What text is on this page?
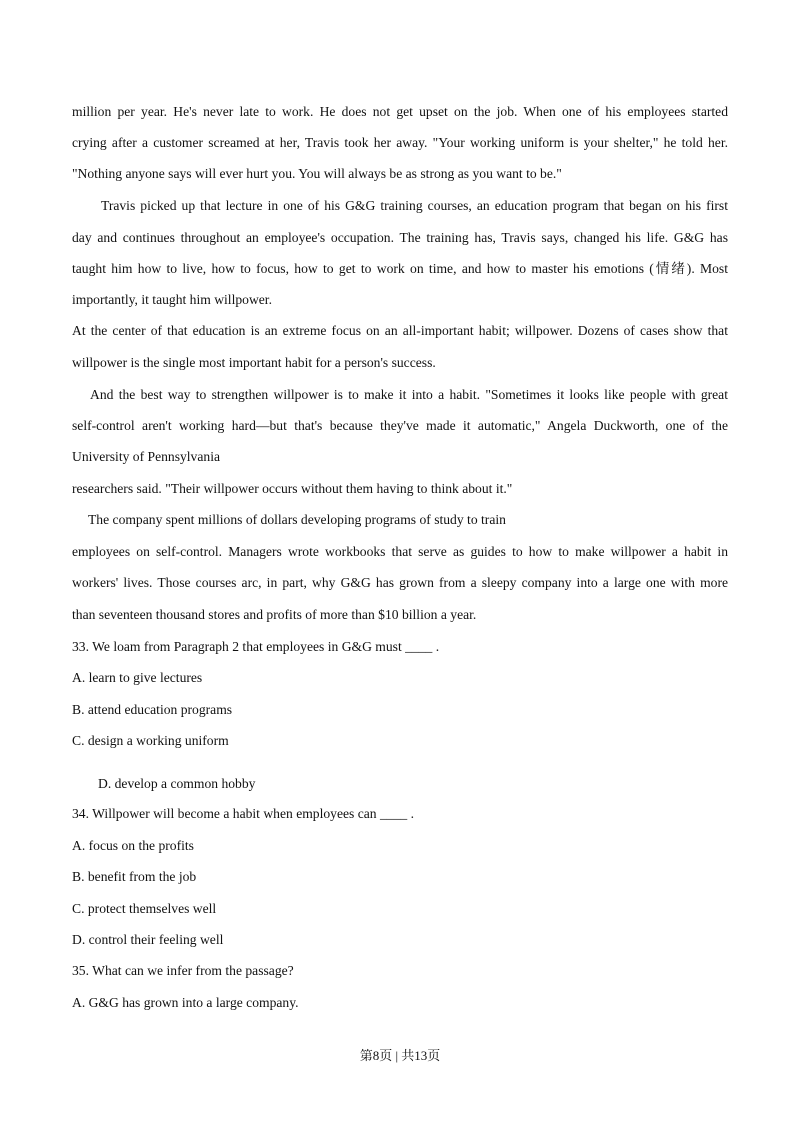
million per year. He's never late to work. He does not get upset on the job. When one of his employees started
crying after a customer screamed at her, Travis took her away. "Your working uniform is your shelter," he told her.
"Nothing anyone says will ever hurt you. You will always be as strong as you want to be."
Travis picked up that lecture in one of his G&G training courses, an education program that began on his first
day and continues throughout an employee's occupation. The training has, Travis says, changed his life. G&G has
taught him how to live, how to focus, how to get to work on time, and how to master his emotions (情绪). Most
importantly, it taught him willpower.
At the center of that education is an extreme focus on an all-important habit; willpower. Dozens of cases show that
willpower is the single most important habit for a person's success.
And the best way to strengthen willpower is to make it into a habit. "Sometimes it looks like people with great
self-control aren't working hard—but that's because they've made it automatic," Angela Duckworth, one of the
University of Pennsylvania
researchers said. "Their willpower occurs without them having to think about it."
The company spent millions of dollars developing programs of study to train
employees on self-control. Managers wrote workbooks that serve as guides to how to make willpower a habit in
workers' lives. Those courses arc, in part, why G&G has grown from a sleepy company into a large one with more
than seventeen thousand stores and profits of more than $10 billion a year.
33. We loam from Paragraph 2 that employees in G&G must ____ .
A. learn to give lectures
B. attend education programs
C. design a working uniform
D. develop a common hobby
34. Willpower will become a habit when employees can ____ .
A. focus on the profits
B. benefit from the job
C. protect themselves well
D. control their feeling well
35. What can we infer from the passage?
A. G&G has grown into a large company.
第8页 | 共13页
